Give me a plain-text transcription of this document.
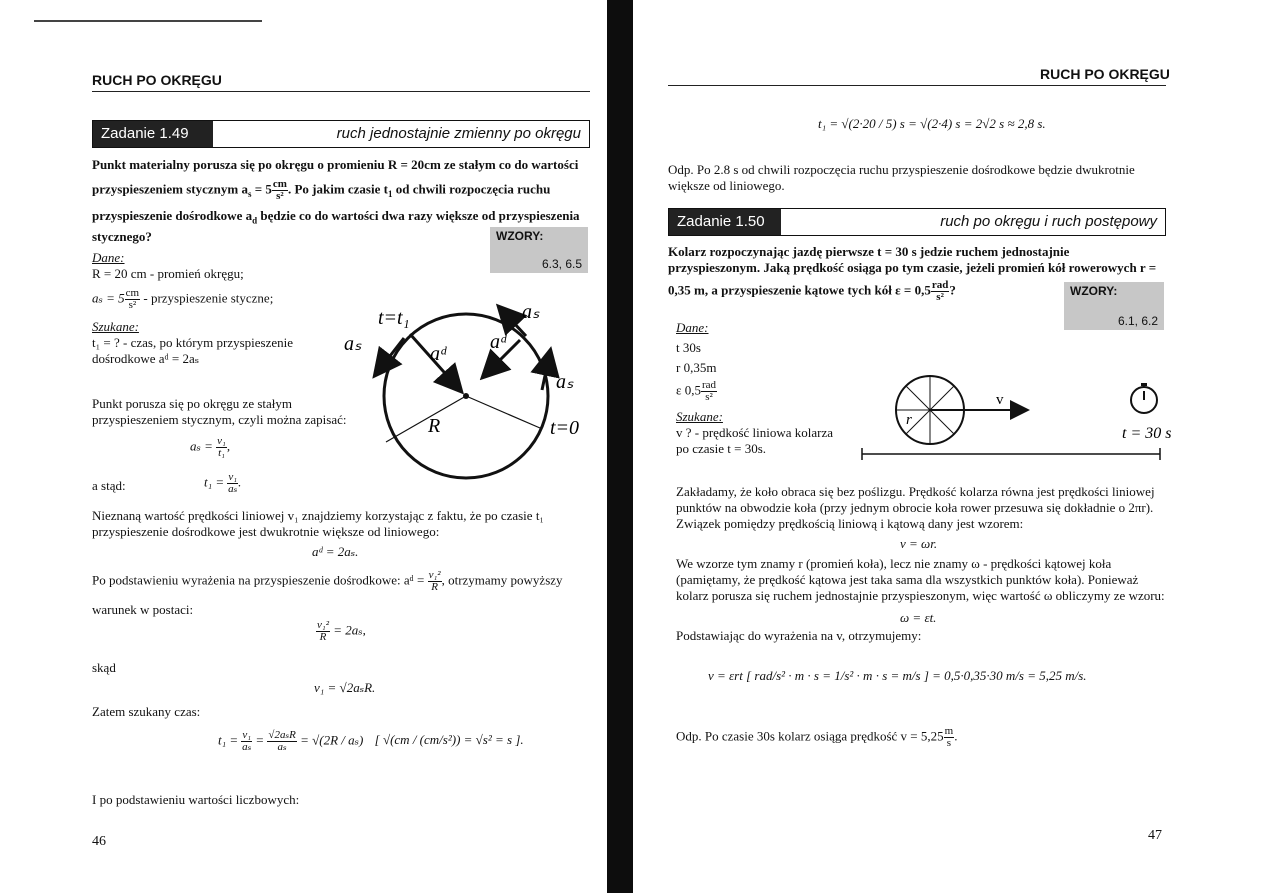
RUCH PO OKRĘGU
Zadanie 1.49	ruch jednostajnie zmienny po okręgu
Punkt materialny porusza się po okręgu o promieniu R = 20cm ze stałym co do wartości
przyspieszeniem stycznym $a_s = 5 \frac{cm}{\text{s²}}$ . Po jakim czasie $t_1$ od chwili rozpoczęcia ruchu
przyspieszenie dośrodkowe $a_d$ będzie co do wartości dwa razy większe od przyspieszenia
stycznego?	WZORY:
6.3, 6.5
Dane:
R = 20 cm - promień okręgu;
$a_s = 5 \frac{cm}{\text{s²}}$ - przyspieszenie styczne;
Szukane:
t₁ = ? - czas, po którym przyspieszenie
dośrodkowe aᵈ = 2aₛ
Punkt porusza się po okręgu ze stałym
przyspieszeniem stycznym, czyli można zapisać:
$a_s = \frac{\text{v₁}}{\text{t₁}}$ ,
a stąd:	$t_1 = \frac{\text{v₁}}{\text{aₛ}}$ .
t=t₁
aₛ	aᵈ
aᵈ
aₛ
aₛ
R	t=0
Nieznaną wartość prędkości liniowej v₁ znajdziemy korzystając z faktu, że po czasie t₁
przyspieszenie dośrodkowe jest dwukrotnie większe od liniowego:
aᵈ = 2aₛ.
Po podstawieniu wyrażenia na przyspieszenie dośrodkowe: aᵈ = $\frac{\text{v₁²}}{R}$ , otrzymamy powyższy
warunek w postaci:
$\frac{\text{v₁²}}{R} = 2a_s$,
skąd
v₁ = √2aₛR.
Zatem szukany czas:
$t_1 = \frac{\text{v₁}}{\text{aₛ}} = \frac{\text{√2aₛR}}{\text{aₛ}} = √(2R / a_s)$ [ √(cm / (cm/s²)) = √s² = s ].
I po podstawieniu wartości liczbowych:
46
RUCH PO OKRĘGU
t₁ = √(2·20 / 5) s = √(2·4) s = 2√2 s ≈ 2,8 s.
Odp. Po 2.8 s od chwili rozpoczęcia ruchu przyspieszenie dośrodkowe będzie dwukrotnie
większe od liniowego.
Zadanie 1.50	ruch po okręgu i ruch postępowy
Kolarz rozpoczynając jazdę pierwsze t = 30 s jedzie ruchem jednostajnie
przyspieszonym. Jaką prędkość osiąga po tym czasie, jeżeli promień kół rowerowych r =
0,35 m, a przyspieszenie kątowe tych kół $\varepsilon = 0,5 \frac{\text{rad}}{\text{s²}}$ ?	WZORY:
6.1, 6.2
Dane:
t 30s
r 0,35m
ε $0,5 \frac{\text{rad}}{\text{s²}}$
Szukane:
v ? - prędkość liniowa kolarza
po czasie t = 30s.
r
v
t = 30 s
Zakładamy, że koło obraca się bez poślizgu. Prędkość kolarza równa jest prędkości liniowej
punktów na obwodzie koła (przy jednym obrocie koła rower przesuwa się dokładnie o 2πr).
Związek pomiędzy prędkością liniową i kątową dany jest wzorem:
v = ωr.
We wzorze tym znamy r (promień koła), lecz nie znamy ω - prędkości kątowej koła
(pamiętamy, że prędkość kątowa jest taka sama dla wszystkich punktów koła). Ponieważ
kolarz porusza się ruchem jednostajnie przyspieszonym, więc wartość ω obliczymy ze wzoru:
ω = εt.
Podstawiając do wyrażenia na v, otrzymujemy:
v = εrt [ rad/s² · m · s = 1/s² · m · s = m/s ] = 0,5·0,35·30 m/s = 5,25 m/s.
Odp. Po czasie 30s kolarz osiąga prędkość $v = 5,25 \frac{m}{s}$ .
47
